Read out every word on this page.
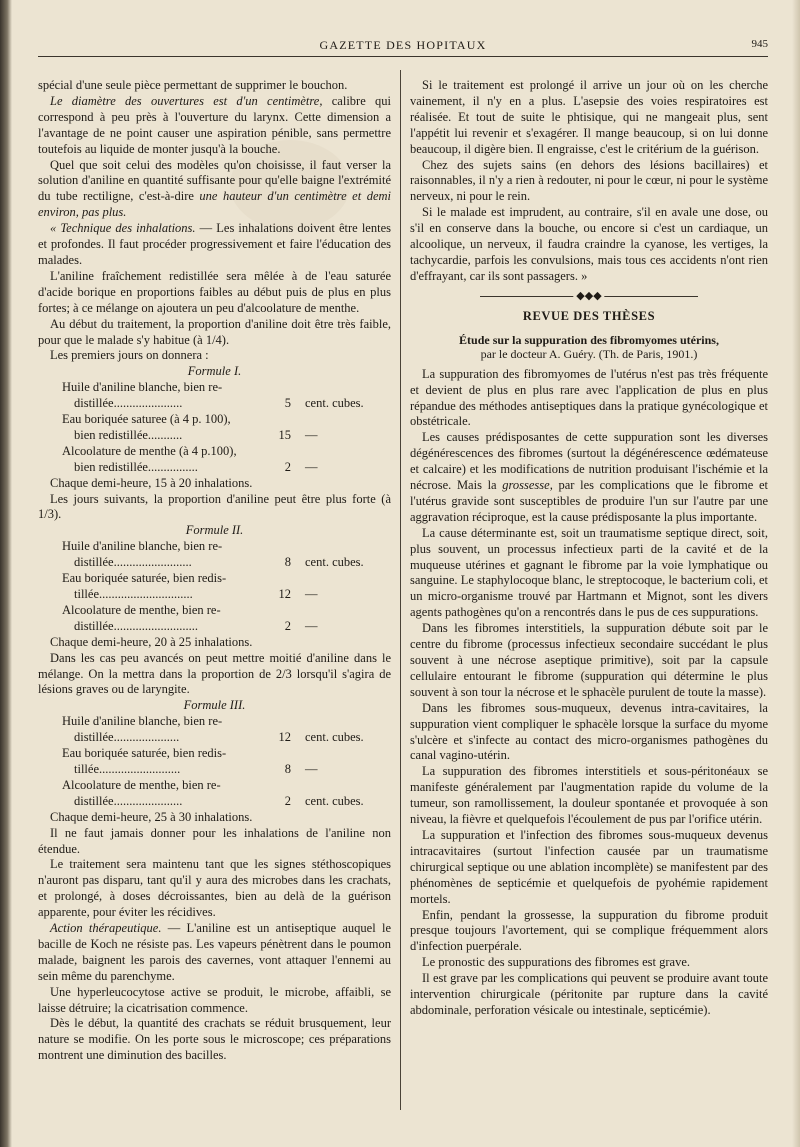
GAZETTE DES HOPITAUX	945

spécial d'une seule pièce permettant de supprimer le bouchon.

Le diamètre des ouvertures est d'un centimètre, calibre qui correspond à peu près à l'ouverture du larynx. Cette dimension a l'avantage de ne point causer une aspiration pénible, sans permettre toutefois au liquide de monter jusqu'à la bouche.

Quel que soit celui des modèles qu'on choisisse, il faut verser la solution d'aniline en quantité suffisante pour qu'elle baigne l'extrémité du tube rectiligne, c'est-à-dire une hauteur d'un centimètre et demi environ, pas plus.

« Technique des inhalations. — Les inhalations doivent être lentes et profondes. Il faut procéder progressivement et faire l'éducation des malades.

L'aniline fraîchement redistillée sera mêlée à de l'eau saturée d'acide borique en proportions faibles au début puis de plus en plus fortes; à ce mélange on ajoutera un peu d'alcoolature de menthe.

Au début du traitement, la proportion d'aniline doit être très faible, pour que le malade s'y habitue (à 1/4).

Les premiers jours on donnera :

Formule I.

Huile d'aniline blanche, bien re-
distillée......................	5	cent. cubes.
Eau boriquée saturee (à 4 p. 100),
bien redistillée...........	15	—
Alcoolature de menthe (à 4 p.100),
bien redistillée................	2	—

Chaque demi-heure, 15 à 20 inhalations.

Les jours suivants, la proportion d'aniline peut être plus forte (à 1/3).

Formule II.

Huile d'aniline blanche, bien re-
distillée.........................	8	cent. cubes.
Eau boriquée saturée, bien redis-
tillée..............................	12	—
Alcoolature de menthe, bien re-
distillée...........................	2	—

Chaque demi-heure, 20 à 25 inhalations.

Dans les cas peu avancés on peut mettre moitié d'aniline dans le mélange. On la mettra dans la proportion de 2/3 lorsqu'il s'agira de lésions graves ou de laryngite.

Formule III.

Huile d'aniline blanche, bien re-
distillée.....................	12	cent. cubes.
Eau boriquée saturée, bien redis-
tillée..........................	8	—
Alcoolature de menthe, bien re-
distillée......................	2	cent. cubes.

Chaque demi-heure, 25 à 30 inhalations.

Il ne faut jamais donner pour les inhalations de l'aniline non étendue.

Le traitement sera maintenu tant que les signes stéthoscopiques n'auront pas disparu, tant qu'il y aura des microbes dans les crachats, et prolongé, à doses décroissantes, bien au delà de la guérison apparente, pour éviter les récidives.

Action thérapeutique. — L'aniline est un antiseptique auquel le bacille de Koch ne résiste pas. Les vapeurs pénètrent dans le poumon malade, baignent les parois des cavernes, vont attaquer l'ennemi au sein même du parenchyme.

Une hyperleucocytose active se produit, le microbe, affaibli, se laisse détruire; la cicatrisation commence.

Dès le début, la quantité des crachats se réduit brusquement, leur nature se modifie. On les porte sous le microscope; ces préparations montrent une diminution des bacilles.

Si le traitement est prolongé il arrive un jour où on les cherche vainement, il n'y en a plus. L'asepsie des voies respiratoires est réalisée. Et tout de suite le phtisique, qui ne mangeait plus, sent l'appétit lui revenir et s'exagérer. Il mange beaucoup, si on lui donne beaucoup, il digère bien. Il engraisse, c'est le critérium de la guérison.

Chez des sujets sains (en dehors des lésions bacillaires) et raisonnables, il n'y a rien à redouter, ni pour le cœur, ni pour le système nerveux, ni pour le rein.

Si le malade est imprudent, au contraire, s'il en avale une dose, ou s'il en conserve dans la bouche, ou encore si c'est un cardiaque, un alcoolique, un nerveux, il faudra craindre la cyanose, les vertiges, la tachycardie, parfois les convulsions, mais tous ces accidents n'ont rien d'effrayant, car ils sont passagers. »

◆◆◆

REVUE DES THÈSES

Étude sur la suppuration des fibromyomes utérins,
par le docteur A. Guéry. (Th. de Paris, 1901.)

La suppuration des fibromyomes de l'utérus n'est pas très fréquente et devient de plus en plus rare avec l'application de plus en plus répandue des méthodes antiseptiques dans la pratique gynécologique et obstétricale.

Les causes prédisposantes de cette suppuration sont les diverses dégénérescences des fibromes (surtout la dégénérescence œdémateuse et calcaire) et les modifications de nutrition produisant l'ischémie et la nécrose. Mais la grossesse, par les complications que le fibrome et l'utérus gravide sont susceptibles de produire l'un sur l'autre par une aggravation réciproque, est la cause prédisposante la plus importante.

La cause déterminante est, soit un traumatisme septique direct, soit, plus souvent, un processus infectieux parti de la cavité et de la muqueuse utérines et gagnant le fibrome par la voie lymphatique ou sanguine. Le staphylocoque blanc, le streptocoque, le bacterium coli, et un micro-organisme trouvé par Hartmann et Mignot, sont les divers agents pathogènes qu'on a rencontrés dans le pus de ces suppurations.

Dans les fibromes interstitiels, la suppuration débute soit par le centre du fibrome (processus infectieux secondaire succédant le plus souvent à une nécrose aseptique primitive), soit par la capsule cellulaire entourant le fibrome (suppuration qui détermine le plus souvent à son tour la nécrose et le sphacèle purulent de toute la masse).

Dans les fibromes sous-muqueux, devenus intra-cavitaires, la suppuration vient compliquer le sphacèle lorsque la surface du myome s'ulcère et s'infecte au contact des micro-organismes pathogènes du canal vagino-utérin.

La suppuration des fibromes interstitiels et sous-péritonéaux se manifeste généralement par l'augmentation rapide du volume de la tumeur, son ramollissement, la douleur spontanée et provoquée à son niveau, la fièvre et quelquefois l'écoulement de pus par l'orifice utérin.

La suppuration et l'infection des fibromes sous-muqueux devenus intracavitaires (surtout l'infection causée par un traumatisme chirurgical septique ou une ablation incomplète) se manifestent par des phénomènes de septicémie et quelquefois de pyohémie rapidement mortels.

Enfin, pendant la grossesse, la suppuration du fibrome produit presque toujours l'avortement, qui se complique fréquemment alors d'infection puerpérale.

Le pronostic des suppurations des fibromes est grave.

Il est grave par les complications qui peuvent se produire avant toute intervention chirurgicale (péritonite par rupture dans la cavité abdominale, perforation vésicale ou intestinale, septicémie).
